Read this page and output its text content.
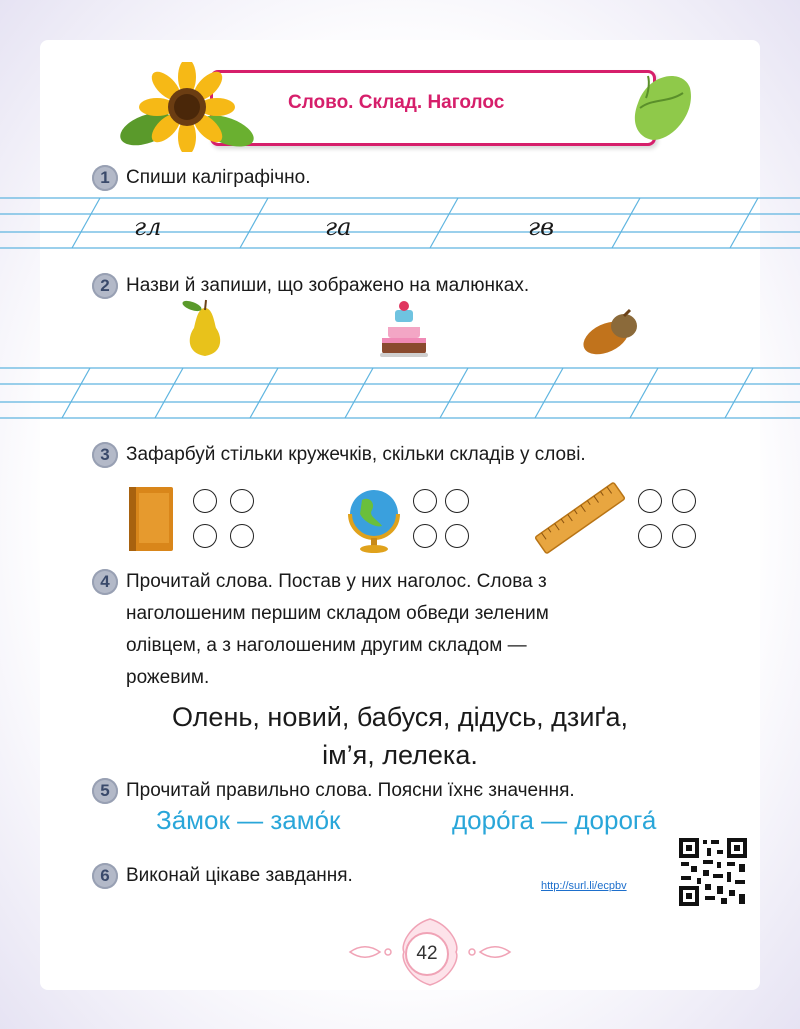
Слово. Склад. Наголос
1 Спиши каліграфічно.
гл	га	гв
2 Назви й запиши, що зображено на малюнках.
3 Зафарбуй стільки кружечків, скільки складів у слові.
4 Прочитай слова. Постав у них наголос. Слова з
наголошеним першим складом обведи зеленим
олівцем, а з наголошеним другим складом —
рожевим.
Олень, новий, бабуся, дідусь, дзиґа,
ім’я, лелека.
5 Прочитай правильно слова. Поясни їхнє значення.
За́мок — замо́к	доро́га — дорога́
6 Виконай цікаве завдання.	http://surl.li/ecpbv
42
